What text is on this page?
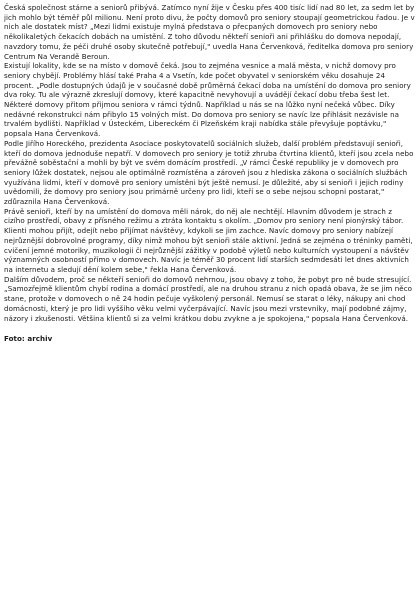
Česká společnost stárne a seniorů přibývá. Zatímco nyní žije v Česku přes 400 tisíc lidí nad 80 let, za sedm let by jich mohlo být téměř půl milionu. Není proto divu, že počty domovů pro seniory stoupají geometrickou řadou. Je v nich ale dostatek míst? „Mezi lidmi existuje mylná představa o přecpaných domovech pro seniory nebo několikaletých čekacích dobách na umístění. Z toho důvodu někteří senioři ani přihlášku do domova nepodají, navzdory tomu, že péči druhé osoby skutečně potřebují," uvedla Hana Červenková, ředitelka domova pro seniory Centrum Na Verandě Beroun.

Existují lokality, kde se na místo v domově čeká. Jsou to zejména vesnice a malá města, v nichž domovy pro seniory chybějí. Problémy hlásí také Praha 4 a Vsetín, kde počet obyvatel v seniorském věku dosahuje 24 procent. „Podle dostupných údajů je v současné době průměrná čekací doba na umístění do domova pro seniory dva roky. Tu ale výrazně zkreslují domovy, které kapacitně nevyhovují a uvádějí čekací dobu třeba šest let. Některé domovy přitom přijmou seniora v rámci týdnů. Například u nás se na lůžko nyní nečeká vůbec. Díky nedávné rekonstrukci nám přibylo 15 volných míst. Do domova pro seniory se navíc lze přihlásit nezávisle na trvalém bydlišti. Například v Ústeckém, Libereckém či Plzeňském kraji nabídka stále převyšuje poptávku," popsala Hana Červenková.

Podle Jiřího Horeckého, prezidenta Asociace poskytovatelů sociálních služeb, další problém představují senioři, kteří do domova jednoduše nepatří. V domovech pro seniory je totiž zhruba čtvrtina klientů, kteří jsou zcela nebo převážně soběstační a mohli by být ve svém domácím prostředí. „V rámci České republiky je v domovech pro seniory lůžek dostatek, nejsou ale optimálně rozmístěna a zároveň jsou z hlediska zákona o sociálních službách využívána lidmi, kteří v domově pro seniory umístěni být ještě nemusí. Je důležité, aby si senioři i jejich rodiny uvědomili, že domovy pro seniory jsou primárně určeny pro lidi, kteří se o sebe nejsou schopni postarat," zdůraznila Hana Červenková.

Právě senioři, kteří by na umístění do domova měli nárok, do něj ale nechtějí. Hlavním důvodem je strach z cizího prostředí, obavy z přísného režimu a ztráta kontaktu s okolím. „Domov pro seniory není pionýrský tábor. Klienti mohou přijít, odejít nebo přijímat návštěvy, kdykoli se jim zachce. Navíc domovy pro seniory nabízejí nejrůznější dobrovolné programy, díky nimž mohou být senioři stále aktivní. Jedná se zejména o tréninky paměti, cvičení jemné motoriky, muzikologii či nejrůznější zážitky v podobě výletů nebo kulturních vystoupení a návštěv významných osobností přímo v domovech. Navíc je téměř 30 procent lidí starších sedmdesáti let dnes aktivních na internetu a sledují dění kolem sebe," řekla Hana Červenková.

Dalším důvodem, proč se někteří senioři do domovů nehrnou, jsou obavy z toho, že pobyt pro ně bude stresující. „Samozřejmě klientům chybí rodina a domácí prostředí, ale na druhou stranu z nich opadá obava, že se jim něco stane, protože v domovech o ně 24 hodin pečuje vyškolený personál. Nemusí se starat o léky, nákupy ani chod domácnosti, který je pro lidi vyššího věku velmi vyčerpávající. Navíc jsou mezi vrstevníky, mají podobné zájmy, názory i zkušenosti. Většina klientů si za velmi krátkou dobu zvykne a je spokojena," popsala Hana Červenková.

Foto: archiv
